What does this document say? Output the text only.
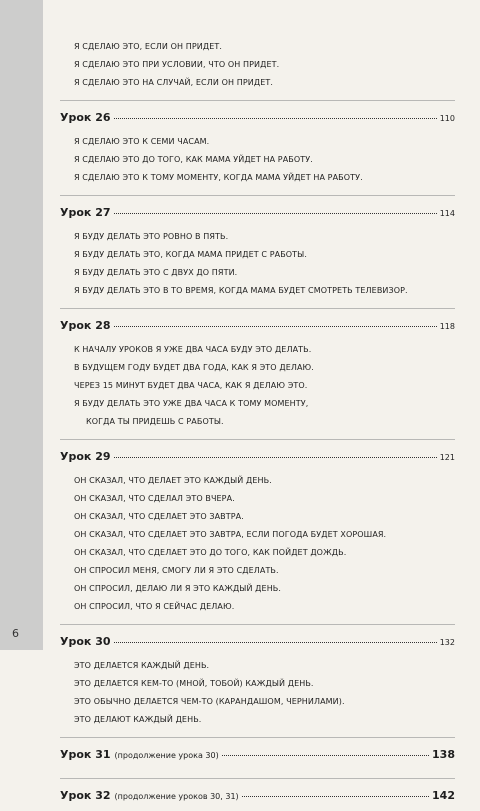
6
Я СДЕЛАЮ ЭТО, ЕСЛИ ОН ПРИДЕТ.
Я СДЕЛАЮ ЭТО ПРИ УСЛОВИИ, ЧТО ОН ПРИДЕТ.
Я СДЕЛАЮ ЭТО НА СЛУЧАЙ, ЕСЛИ ОН ПРИДЕТ.
Урок 26	110
Я СДЕЛАЮ ЭТО К СЕМИ ЧАСАМ.
Я СДЕЛАЮ ЭТО ДО ТОГО, КАК МАМА УЙДЕТ НА РАБОТУ.
Я СДЕЛАЮ ЭТО К ТОМУ МОМЕНТУ, КОГДА МАМА УЙДЕТ НА РАБОТУ.
Урок 27	114
Я БУДУ ДЕЛАТЬ ЭТО РОВНО В ПЯТЬ.
Я БУДУ ДЕЛАТЬ ЭТО, КОГДА МАМА ПРИДЕТ С РАБОТЫ.
Я БУДУ ДЕЛАТЬ ЭТО С ДВУХ ДО ПЯТИ.
Я БУДУ ДЕЛАТЬ ЭТО В ТО ВРЕМЯ, КОГДА МАМА БУДЕТ СМОТРЕТЬ ТЕЛЕВИЗОР.
Урок 28	118
К НАЧАЛУ УРОКОВ Я УЖЕ ДВА ЧАСА БУДУ ЭТО ДЕЛАТЬ.
В БУДУЩЕМ ГОДУ БУДЕТ ДВА ГОДА, КАК Я ЭТО ДЕЛАЮ.
ЧЕРЕЗ 15 МИНУТ БУДЕТ ДВА ЧАСА, КАК Я ДЕЛАЮ ЭТО.
Я БУДУ ДЕЛАТЬ ЭТО УЖЕ ДВА ЧАСА К ТОМУ МОМЕНТУ,
КОГДА ТЫ ПРИДЕШЬ С РАБОТЫ.
Урок 29	121
ОН СКАЗАЛ, ЧТО ДЕЛАЕТ ЭТО КАЖДЫЙ ДЕНЬ.
ОН СКАЗАЛ, ЧТО СДЕЛАЛ ЭТО ВЧЕРА.
ОН СКАЗАЛ, ЧТО СДЕЛАЕТ ЭТО ЗАВТРА.
ОН СКАЗАЛ, ЧТО СДЕЛАЕТ ЭТО ЗАВТРА, ЕСЛИ ПОГОДА БУДЕТ ХОРОШАЯ.
ОН СКАЗАЛ, ЧТО СДЕЛАЕТ ЭТО ДО ТОГО, КАК ПОЙДЕТ ДОЖДЬ.
ОН СПРОСИЛ МЕНЯ, СМОГУ ЛИ Я ЭТО СДЕЛАТЬ.
ОН СПРОСИЛ, ДЕЛАЮ ЛИ Я ЭТО КАЖДЫЙ ДЕНЬ.
ОН СПРОСИЛ, ЧТО Я СЕЙЧАС ДЕЛАЮ.
Урок 30	132
ЭТО ДЕЛАЕТСЯ КАЖДЫЙ ДЕНЬ.
ЭТО ДЕЛАЕТСЯ КЕМ-ТО (МНОЙ, ТОБОЙ) КАЖДЫЙ ДЕНЬ.
ЭТО ОБЫЧНО ДЕЛАЕТСЯ ЧЕМ-ТО (КАРАНДАШОМ, ЧЕРНИЛАМИ).
ЭТО ДЕЛАЮТ КАЖДЫЙ ДЕНЬ.
Урок 31 (продолжение урока 30)	138
Урок 32 (продолжение уроков 30, 31)	142
